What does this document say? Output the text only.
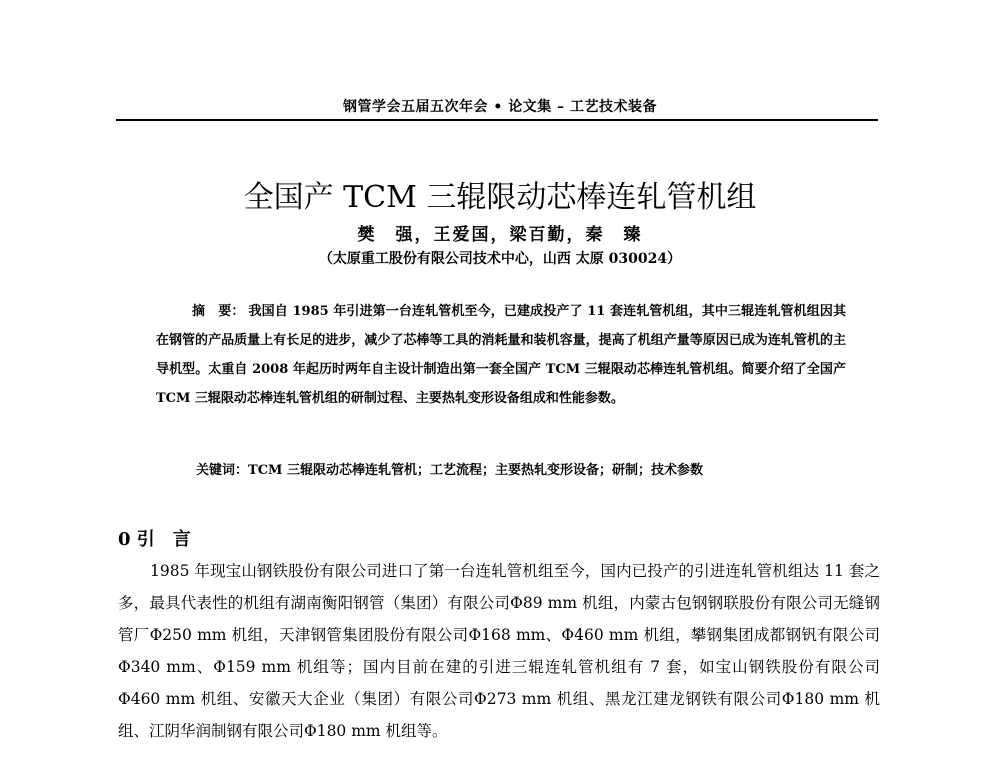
钢管学会五届五次年会 • 论文集 – 工艺技术装备
全国产 TCM 三辊限动芯棒连轧管机组
樊　强，王爱国，梁百勤，秦　臻
（太原重工股份有限公司技术中心，山西 太原 030024）
摘　要： 我国自 1985 年引进第一台连轧管机至今，已建成投产了 11 套连轧管机组，其中三辊连轧管机组因其在钢管的产品质量上有长足的进步，减少了芯棒等工具的消耗量和装机容量，提高了机组产量等原因已成为连轧管机的主导机型。太重自 2008 年起历时两年自主设计制造出第一套全国产 TCM 三辊限动芯棒连轧管机组。简要介绍了全国产 TCM 三辊限动芯棒连轧管机组的研制过程、主要热轧变形设备组成和性能参数。
关键词：TCM 三辊限动芯棒连轧管机；工艺流程；主要热轧变形设备；研制；技术参数
0 引　言
1985 年现宝山钢铁股份有限公司进口了第一台连轧管机组至今，国内已投产的引进连轧管机组达 11 套之多，最具代表性的机组有湖南衡阳钢管（集团）有限公司Φ89 mm 机组，内蒙古包钢钢联股份有限公司无缝钢管厂Φ250 mm 机组，天津钢管集团股份有限公司Φ168 mm、Φ460 mm 机组，攀钢集团成都钢钒有限公司Φ340 mm、Φ159 mm 机组等；国内目前在建的引进三辊连轧管机组有 7 套，如宝山钢铁股份有限公司Φ460 mm 机组、安徽天大企业（集团）有限公司Φ273 mm 机组、黑龙江建龙钢铁有限公司Φ180 mm 机组、江阴华润制钢有限公司Φ180 mm 机组等。
